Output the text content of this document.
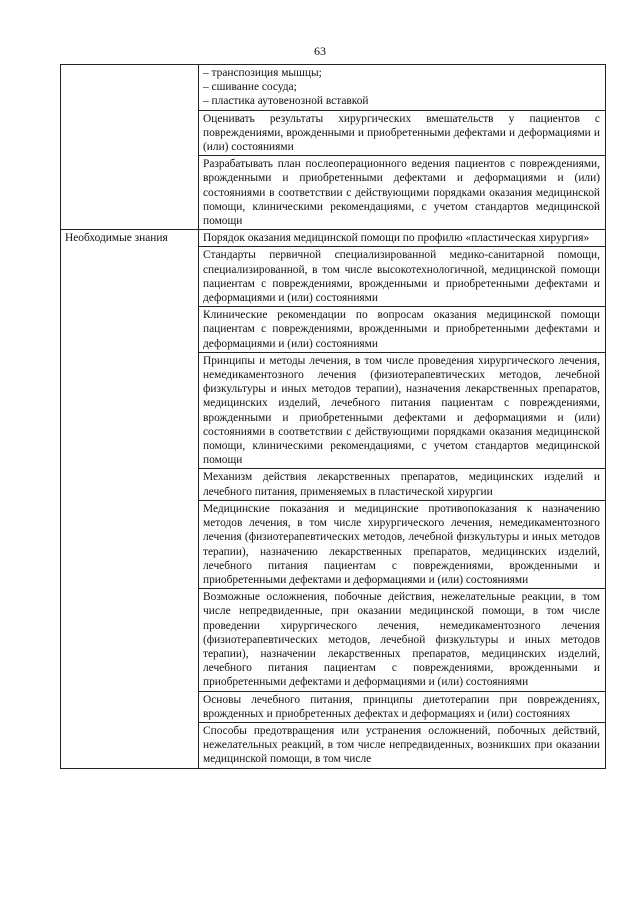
63

	– транспозиция мышцы;
– сшивание сосуда;
– пластика аутовенозной вставкой

	Оценивать результаты хирургических вмешательств у пациентов с повреждениями, врожденными и приобретенными дефектами и деформациями и (или) состояниями
	Разрабатывать план послеоперационного ведения пациентов с повреждениями, врожденными и приобретенными дефектами и деформациями и (или) состояниями в соответствии с действующими порядками оказания медицинской помощи, клиническими рекомендациями, с учетом стандартов медицинской помощи
Необходимые знания	Порядок оказания медицинской помощи по профилю «пластическая хирургия»
	Стандарты первичной специализированной медико-санитарной помощи, специализированной, в том числе высокотехнологичной, медицинской помощи пациентам с повреждениями, врожденными и приобретенными дефектами и деформациями и (или) состояниями
	Клинические рекомендации по вопросам оказания медицинской помощи пациентам с повреждениями, врожденными и приобретенными дефектами и деформациями и (или) состояниями
	Принципы и методы лечения, в том числе проведения хирургического лечения, немедикаментозного лечения (физиотерапевтических методов, лечебной физкультуры и иных методов терапии), назначения лекарственных препаратов, медицинских изделий, лечебного питания пациентам с повреждениями, врожденными и приобретенными дефектами и деформациями и (или) состояниями в соответствии с действующими порядками оказания медицинской помощи, клиническими рекомендациями, с учетом стандартов медицинской помощи
	Механизм действия лекарственных препаратов, медицинских изделий и лечебного питания, применяемых в пластической хирургии
	Медицинские показания и медицинские противопоказания к назначению методов лечения, в том числе хирургического лечения, немедикаментозного лечения (физиотерапевтических методов, лечебной физкультуры и иных методов терапии), назначению лекарственных препаратов, медицинских изделий, лечебного питания пациентам с повреждениями, врожденными и приобретенными дефектами и деформациями и (или) состояниями
	Возможные осложнения, побочные действия, нежелательные реакции, в том числе непредвиденные, при оказании медицинской помощи, в том числе проведении хирургического лечения, немедикаментозного лечения (физиотерапевтических методов, лечебной физкультуры и иных методов терапии), назначении лекарственных препаратов, медицинских изделий, лечебного питания пациентам с повреждениями, врожденными и приобретенными дефектами и деформациями и (или) состояниями
	Основы лечебного питания, принципы диетотерапии при повреждениях, врожденных и приобретенных дефектах и деформациях и (или) состояниях
	Способы предотвращения или устранения осложнений, побочных действий, нежелательных реакций, в том числе непредвиденных, возникших при оказании медицинской помощи, в том числе
